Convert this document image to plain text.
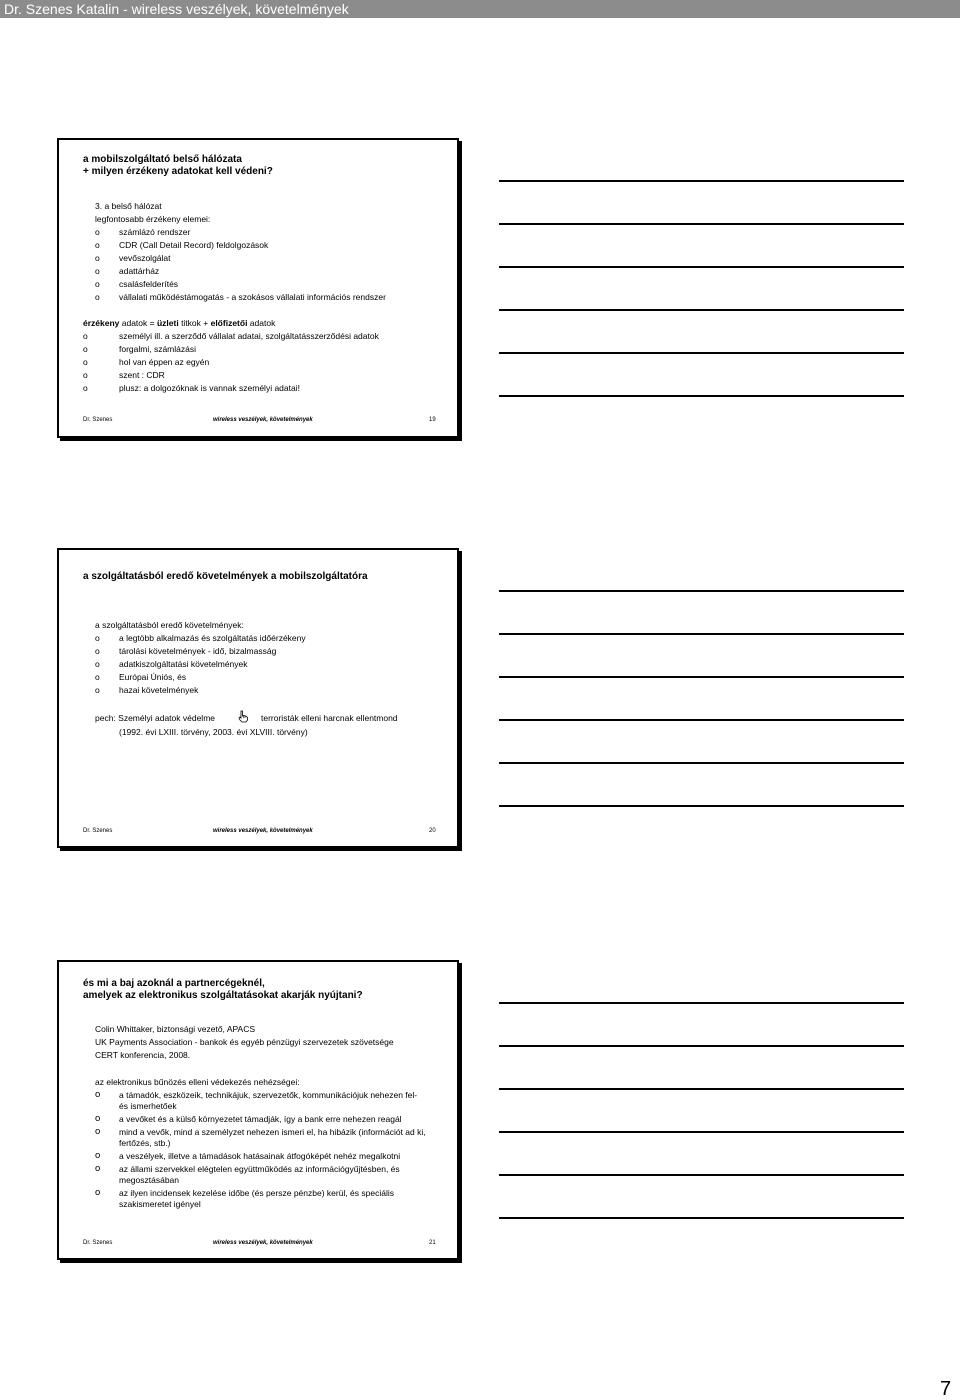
Dr. Szenes Katalin - wireless veszélyek, követelmények
a mobilszolgáltató belső hálózata
+ milyen érzékeny adatokat kell védeni?
3. a belső hálózat
legfontosabb érzékeny elemei:
o számlázó rendszer
o CDR (Call Detail Record) feldolgozások
o vevőszolgálat
o adattárház
o csalásfelderítés
o vállalati működéstámogatás - a szokásos vállalati információs rendszer
érzékeny adatok = üzleti titkok + előfizetői adatok
o	személyi ill. a szerződő vállalat adatai, szolgáltatásszerződési adatok
o	forgalmi, számlázási
o	hol van éppen az egyén
o	szent : CDR
o	plusz: a dolgozóknak is vannak személyi adatai!
Dr. Szenes	wireless veszélyek, követelmények	19
a szolgáltatásból eredő követelmények a mobilszolgáltatóra
a szolgáltatásból eredő követelmények:
o a legtöbb alkalmazás és szolgáltatás időérzékeny
o tárolási követelmények - idő, bizalmasság
o adatkiszolgáltatási követelmények
o Európai Úniós, és
o hazai követelmények
pech: Személyi adatok védelme	terroristák elleni harcnak ellentmond
(1992. évi LXIII. törvény, 2003. évi XLVIII. törvény)
Dr. Szenes	wireless veszélyek, követelmények	20
és mi a baj azoknál a partnercégeknél,
amelyek az elektronikus szolgáltatásokat akarják nyújtani?
Colin Whittaker, biztonsági vezető, APACS
UK Payments Association - bankok és egyéb pénzügyi szervezetek szövetsége
CERT konferencia, 2008.
az elektronikus bűnözés elleni védekezés nehézségei:
o a támadók, eszközeik, technikájuk, szervezetők, kommunikációjuk nehezen fel-
és ismerhetőek
o a vevőket és a külső környezetet támadják, így a bank erre nehezen reagál
o mind a vevők, mind a személyzet nehezen ismeri el, ha hibázik (információt ad ki,
fertőzés, stb.)
o a veszélyek, illetve a támadások hatásainak átfogóképét nehéz megalkotni
o az állami szervekkel elégtelen együttműködés az információgyűjtésben, és
megosztásában
o az ilyen incidensek kezelése időbe (és persze pénzbe) kerül, és speciális
szakismeretet igényel
Dr. Szenes	wireless veszélyek, követelmények	21
7
